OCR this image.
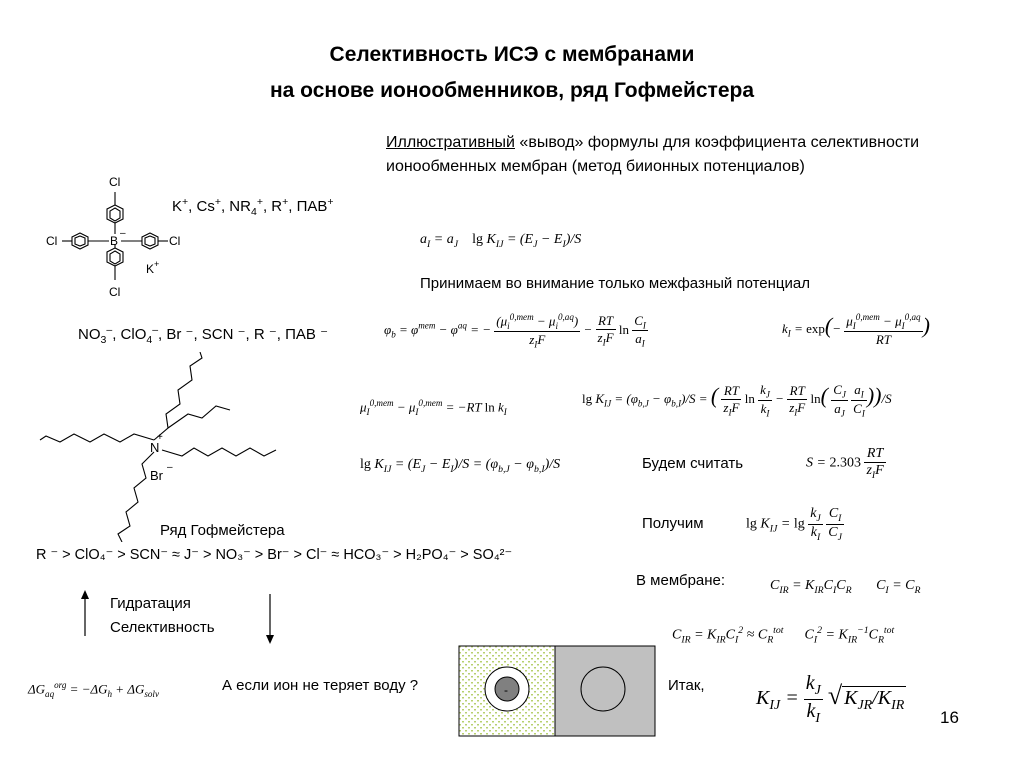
Селективность ИСЭ с мембранами
на основе ионообменников, ряд Гофмейстера
Иллюстративный «вывод» формулы для коэффициента селективности
ионообменных мембран (метод биионных потенциалов)
Cl
Cl
Cl	Cl
B
–
K +
K+, Cs+, $NR_4^+$, R+, ПАВ+
$NO_3^-$, ClO$_4$–, Br ⁻, SCN ⁻, R ⁻, ПАВ ⁻
N
+
Br
–
Ряд Гофмейстера
R ⁻ > ClO₄⁻ > SCN⁻ ≈ J⁻ > NO₃⁻ > Br⁻ > Cl⁻ ≈ HCO₃⁻ > H₂PO₄⁻ > SO₄²⁻
Гидратация
Селективность
$a_I = a_J$ $\lg K_{IJ} = (E_J - E_I)/S$
Принимаем во внимание только межфазный потенциал
$\varphi_b = \varphi^{mem} - \varphi^{aq}$ = − $\frac{(\mu_i^{0,mem} - \mu_i^{0,aq})}{z_IF} - \frac{RT}{z_IF}$ $\ln \frac{C_I}{a_I}$	$k_I = \exp(- \frac{\mu_I^{0,mem} - \mu_I^{0,aq}}{RT}$ )
$\mu_I^{0,mem} - \mu_I^{0,mem} = -RT$ $\ln k_I$
$\lg K_{IJ} = (\varphi_{b,J} - \varphi_{b,I})/S$ = ( $\frac{RT}{z_IF}$ $\ln \frac{k_J}{k_I} - \frac{RT}{z_IF} \ln( \frac{C_J}{a_J}$
$\frac{a_I}{C_I} ))/S$
$\lg K_{IJ} = (E_J - E_I)/S = (\varphi_{b,J} - \varphi_{b,I})/S$	Будем считать	$S = 2.303 \frac{RT}{z_IF}$
Получим	$\lg K_{IJ} = \lg \frac{k_J}{k_I}$
$\frac{C_I}{C_J}$
В мембране:	$C_{IR} = K_{IR}C_IC_R$       $C_I = C_R$
$C_{IR} = K_{IR}C_I^2 \approx C_R^{tot}$      $C_I^2 = K_{IR}^{-1}C_R^{tot}$
$\Delta G_{aq}^{org} = -\Delta G_h + \Delta G_{solv}$	А если ион не теряет воду ?	-	Итак,
$K_{IJ} = \frac{k_J}{k_I}$ √ $K_{JR}/K_{IR}$
16
